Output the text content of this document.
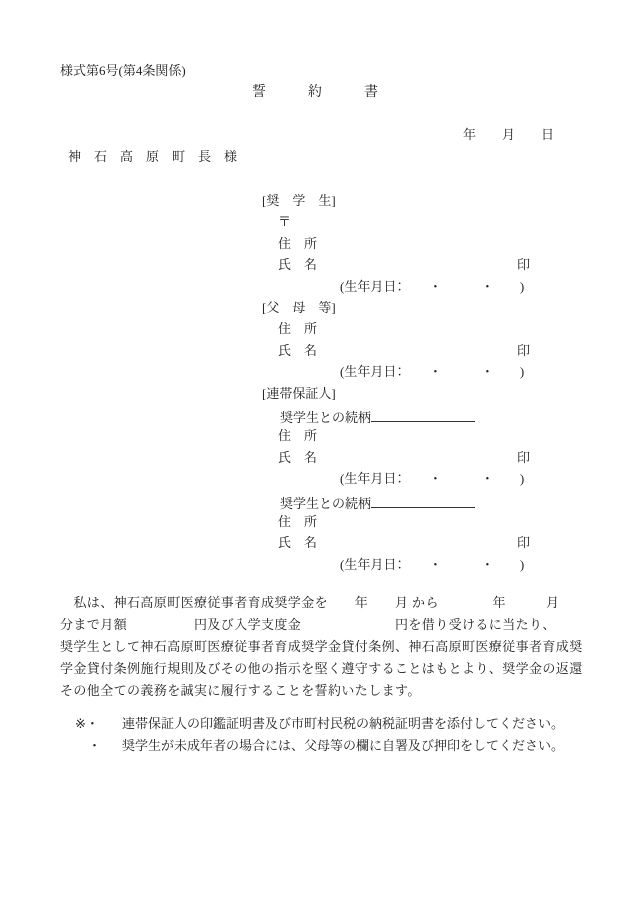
様式第6号(第4条関係)
誓　　　約　　　書
年　　月　　日
神　石　高　原　町　長　様
[奨　学　生]
〒
住　所
氏　名	印
(生年月日：　　・　　　・　　)
[父　母　等]
住　所
氏　名	印
(生年月日：　　・　　　・　　)
[連帯保証人]
奨学生との続柄
住　所
氏　名	印
(生年月日：　　・　　　・　　)
奨学生との続柄
住　所
氏　名	印
(生年月日：　　・　　　・　　)
　私は、神石高原町医療従事者育成奨学金を　　年　　月 から　　　　年　　　月
分まで月額　　　　　円及び入学支度金　　　　　　　円を借り受けるに当たり、
奨学生として神石高原町医療従事者育成奨学金貸付条例、神石高原町医療従事者育成奨
学金貸付条例施行規則及びその他の指示を堅く遵守することはもとより、奨学金の返還
その他全ての義務を誠実に履行することを誓約いたします。
※・ 連帯保証人の印鑑証明書及び市町村民税の納税証明書を添付してください。
・ 奨学生が未成年者の場合には、父母等の欄に自署及び押印をしてください。
